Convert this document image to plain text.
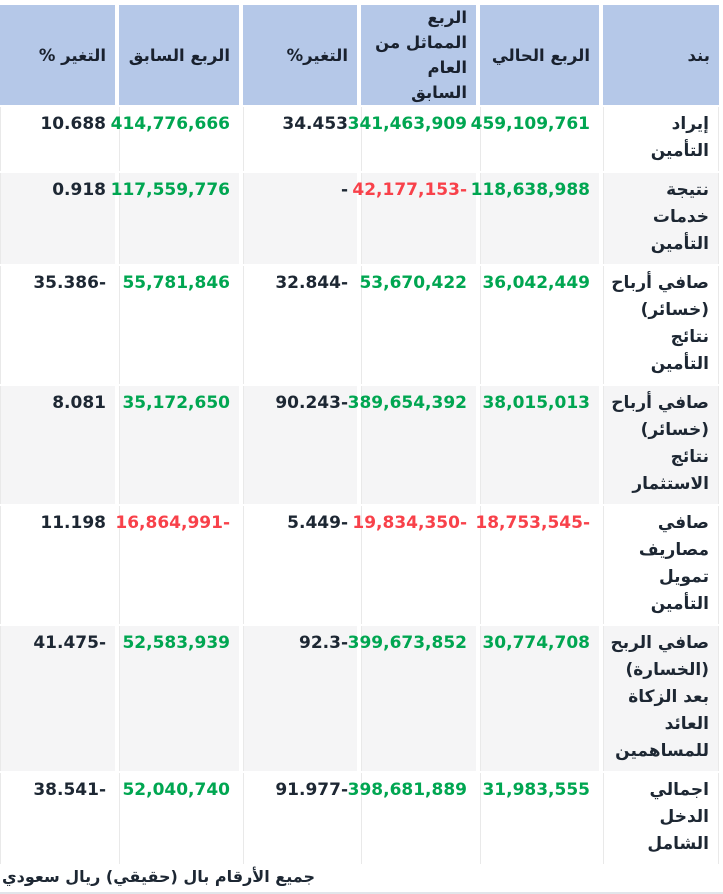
بند	الربع الحالي	الربع المماثل من العام السابق	التغير%	الربع السابق	التغير %
إيراد التأمين	459,109,761	341,463,909	34.453	414,776,666	10.688
نتيجة خدمات التأمين	118,638,988	-42,177,153	-	117,559,776	0.918
صافي أرباح (خسائر) نتائج التأمين	36,042,449	53,670,422	-32.844	55,781,846	-35.386
صافي أرباح (خسائر) نتائج الاستثمار	38,015,013	389,654,392	-90.243	35,172,650	8.081
صافي مصاريف تمويل التأمين	-18,753,545	-19,834,350	-5.449	-16,864,991	11.198
صافي الربح (الخسارة) بعد الزكاة العائد للمساهمين	30,774,708	399,673,852	-92.3	52,583,939	-41.475
اجمالي الدخل الشامل	31,983,555	398,681,889	-91.977	52,040,740	-38.541
جميع الأرقام بال (حقيقي) ريال سعودي
